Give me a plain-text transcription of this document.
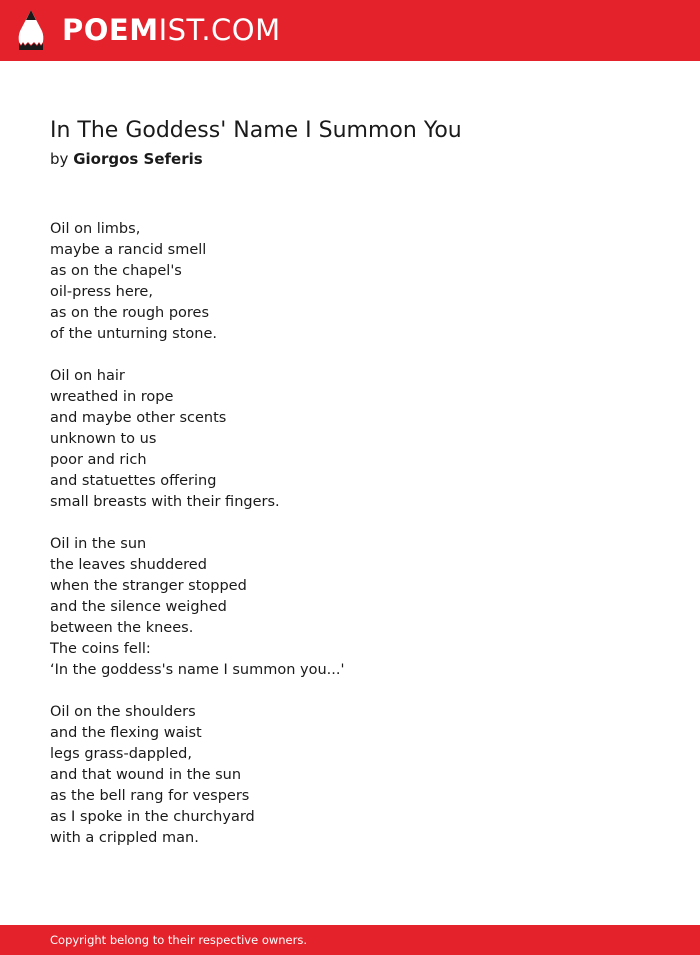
POEMIST.COM
In The Goddess' Name I Summon You
by Giorgos Seferis
Oil on limbs,
maybe a rancid smell
as on the chapel's
oil-press here,
as on the rough pores
of the unturning stone.
Oil on hair
wreathed in rope
and maybe other scents
unknown to us
poor and rich
and statuettes offering
small breasts with their fingers.
Oil in the sun
the leaves shuddered
when the stranger stopped
and the silence weighed
between the knees.
The coins fell:
‘In the goddess's name I summon you...'
Oil on the shoulders
and the flexing waist
legs grass-dappled,
and that wound in the sun
as the bell rang for vespers
as I spoke in the churchyard
with a crippled man.
Copyright belong to their respective owners.
